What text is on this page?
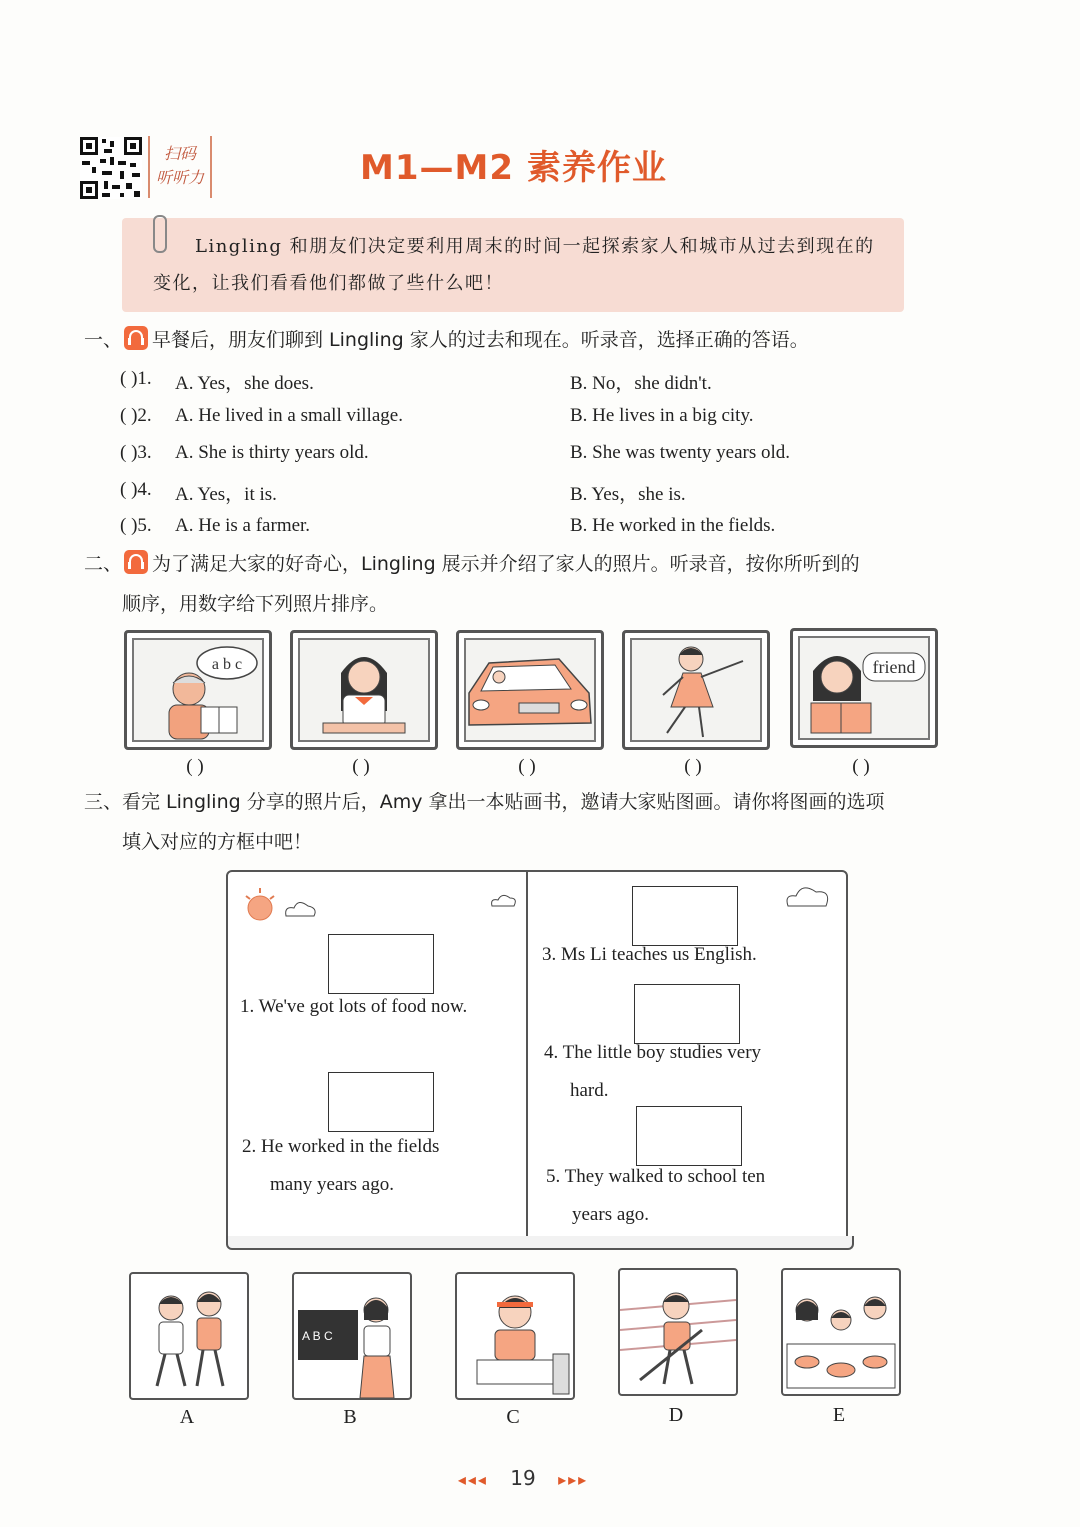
扫码
听听力	M1—M2 素养作业
Lingling 和朋友们决定要利用周末的时间一起探索家人和城市从过去到现在的变化，让我们看看他们都做了些什么吧！
一、 早餐后，朋友们聊到 Lingling 家人的过去和现在。听录音，选择正确的答语。
( )1. A. Yes，she does.	B. No，she didn't.
( )2. A. He lived in a small village.	B. He lives in a big city.
( )3. A. She is thirty years old.	B. She was twenty years old.
( )4. A. Yes，it is.	B. Yes，she is.
( )5. A. He is a farmer.	B. He worked in the fields.
二、 为了满足大家的好奇心，Lingling 展示并介绍了家人的照片。听录音，按你所听到的
顺序，用数字给下列照片排序。
a b c	friend
( )	( )	( )	( )	( )
三、看完 Lingling 分享的照片后，Amy 拿出一本贴画书，邀请大家贴图画。请你将图画的选项
填入对应的方框中吧！
1. We've got lots of food now.
2. He worked in the fields
many years ago.
3. Ms Li teaches us English.
4. The little boy studies very
hard.
5. They walked to school ten
years ago.
A B C
A	B	C	D	E
◂◂◂ 19 ▸▸▸
